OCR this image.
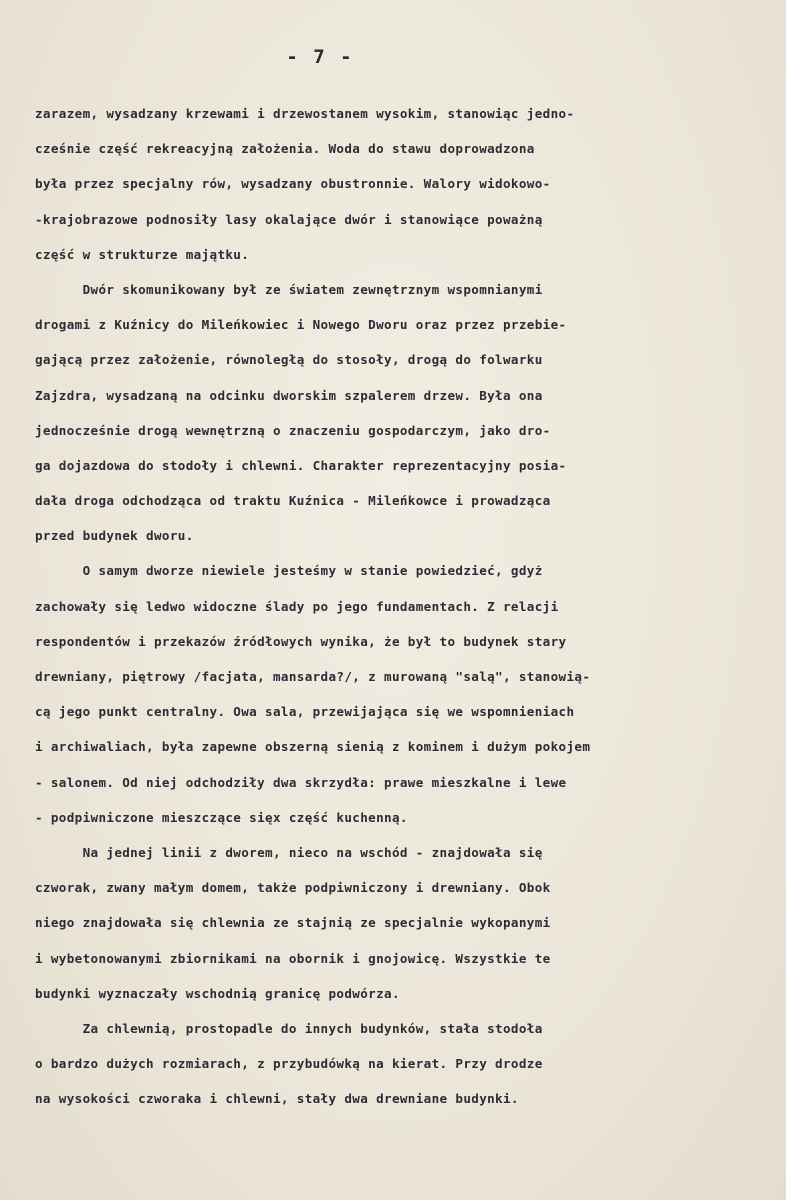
- 7 -
zarazem, wysadzany krzewami i drzewostanem wysokim, stanowiąc jedno-
cześnie część rekreacyjną założenia. Woda do stawu doprowadzona
była przez specjalny rów, wysadzany obustronnie. Walory widokowo-
-krajobrazowe podnosiły lasy okalające dwór i stanowiące poważną
część w strukturze majątku.
Dwór skomunikowany był ze światem zewnętrznym wspomnianymi
drogami z Kuźnicy do Mileńkowiec i Nowego Dworu oraz przez przebie-
gającą przez założenie, równoległą do stosoły, drogą do folwarku
Zajzdra, wysadzaną na odcinku dworskim szpalerem drzew. Była ona
jednocześnie drogą wewnętrzną o znaczeniu gospodarczym, jako dro-
ga dojazdowa do stodoły i chlewni. Charakter reprezentacyjny posia-
dała droga odchodząca od traktu Kuźnica - Mileńkowce i prowadząca
przed budynek dworu.
O samym dworze niewiele jesteśmy w stanie powiedzieć, gdyż
zachowały się ledwo widoczne ślady po jego fundamentach. Z relacji
respondentów i przekazów źródłowych wynika, że był to budynek stary
drewniany, piętrowy /facjata, mansarda?/, z murowaną "salą", stanowią-
cą jego punkt centralny. Owa sala, przewijająca się we wspomnieniach
i archiwaliach, była zapewne obszerną sienią z kominem i dużym pokojem
- salonem. Od niej odchodziły dwa skrzydła: prawe mieszkalne i lewe
- podpiwniczone mieszczące sięx część kuchenną.
Na jednej linii z dworem, nieco na wschód - znajdowała się
czworak, zwany małym domem, także podpiwniczony i drewniany. Obok
niego znajdowała się chlewnia ze stajnią ze specjalnie wykopanymi
i wybetonowanymi zbiornikami na obornik i gnojowicę. Wszystkie te
budynki wyznaczały wschodnią granicę podwórza.
Za chlewnią, prostopadle do innych budynków, stała stodoła
o bardzo dużych rozmiarach, z przybudówką na kierat. Przy drodze
na wysokości czworaka i chlewni, stały dwa drewniane budynki.
